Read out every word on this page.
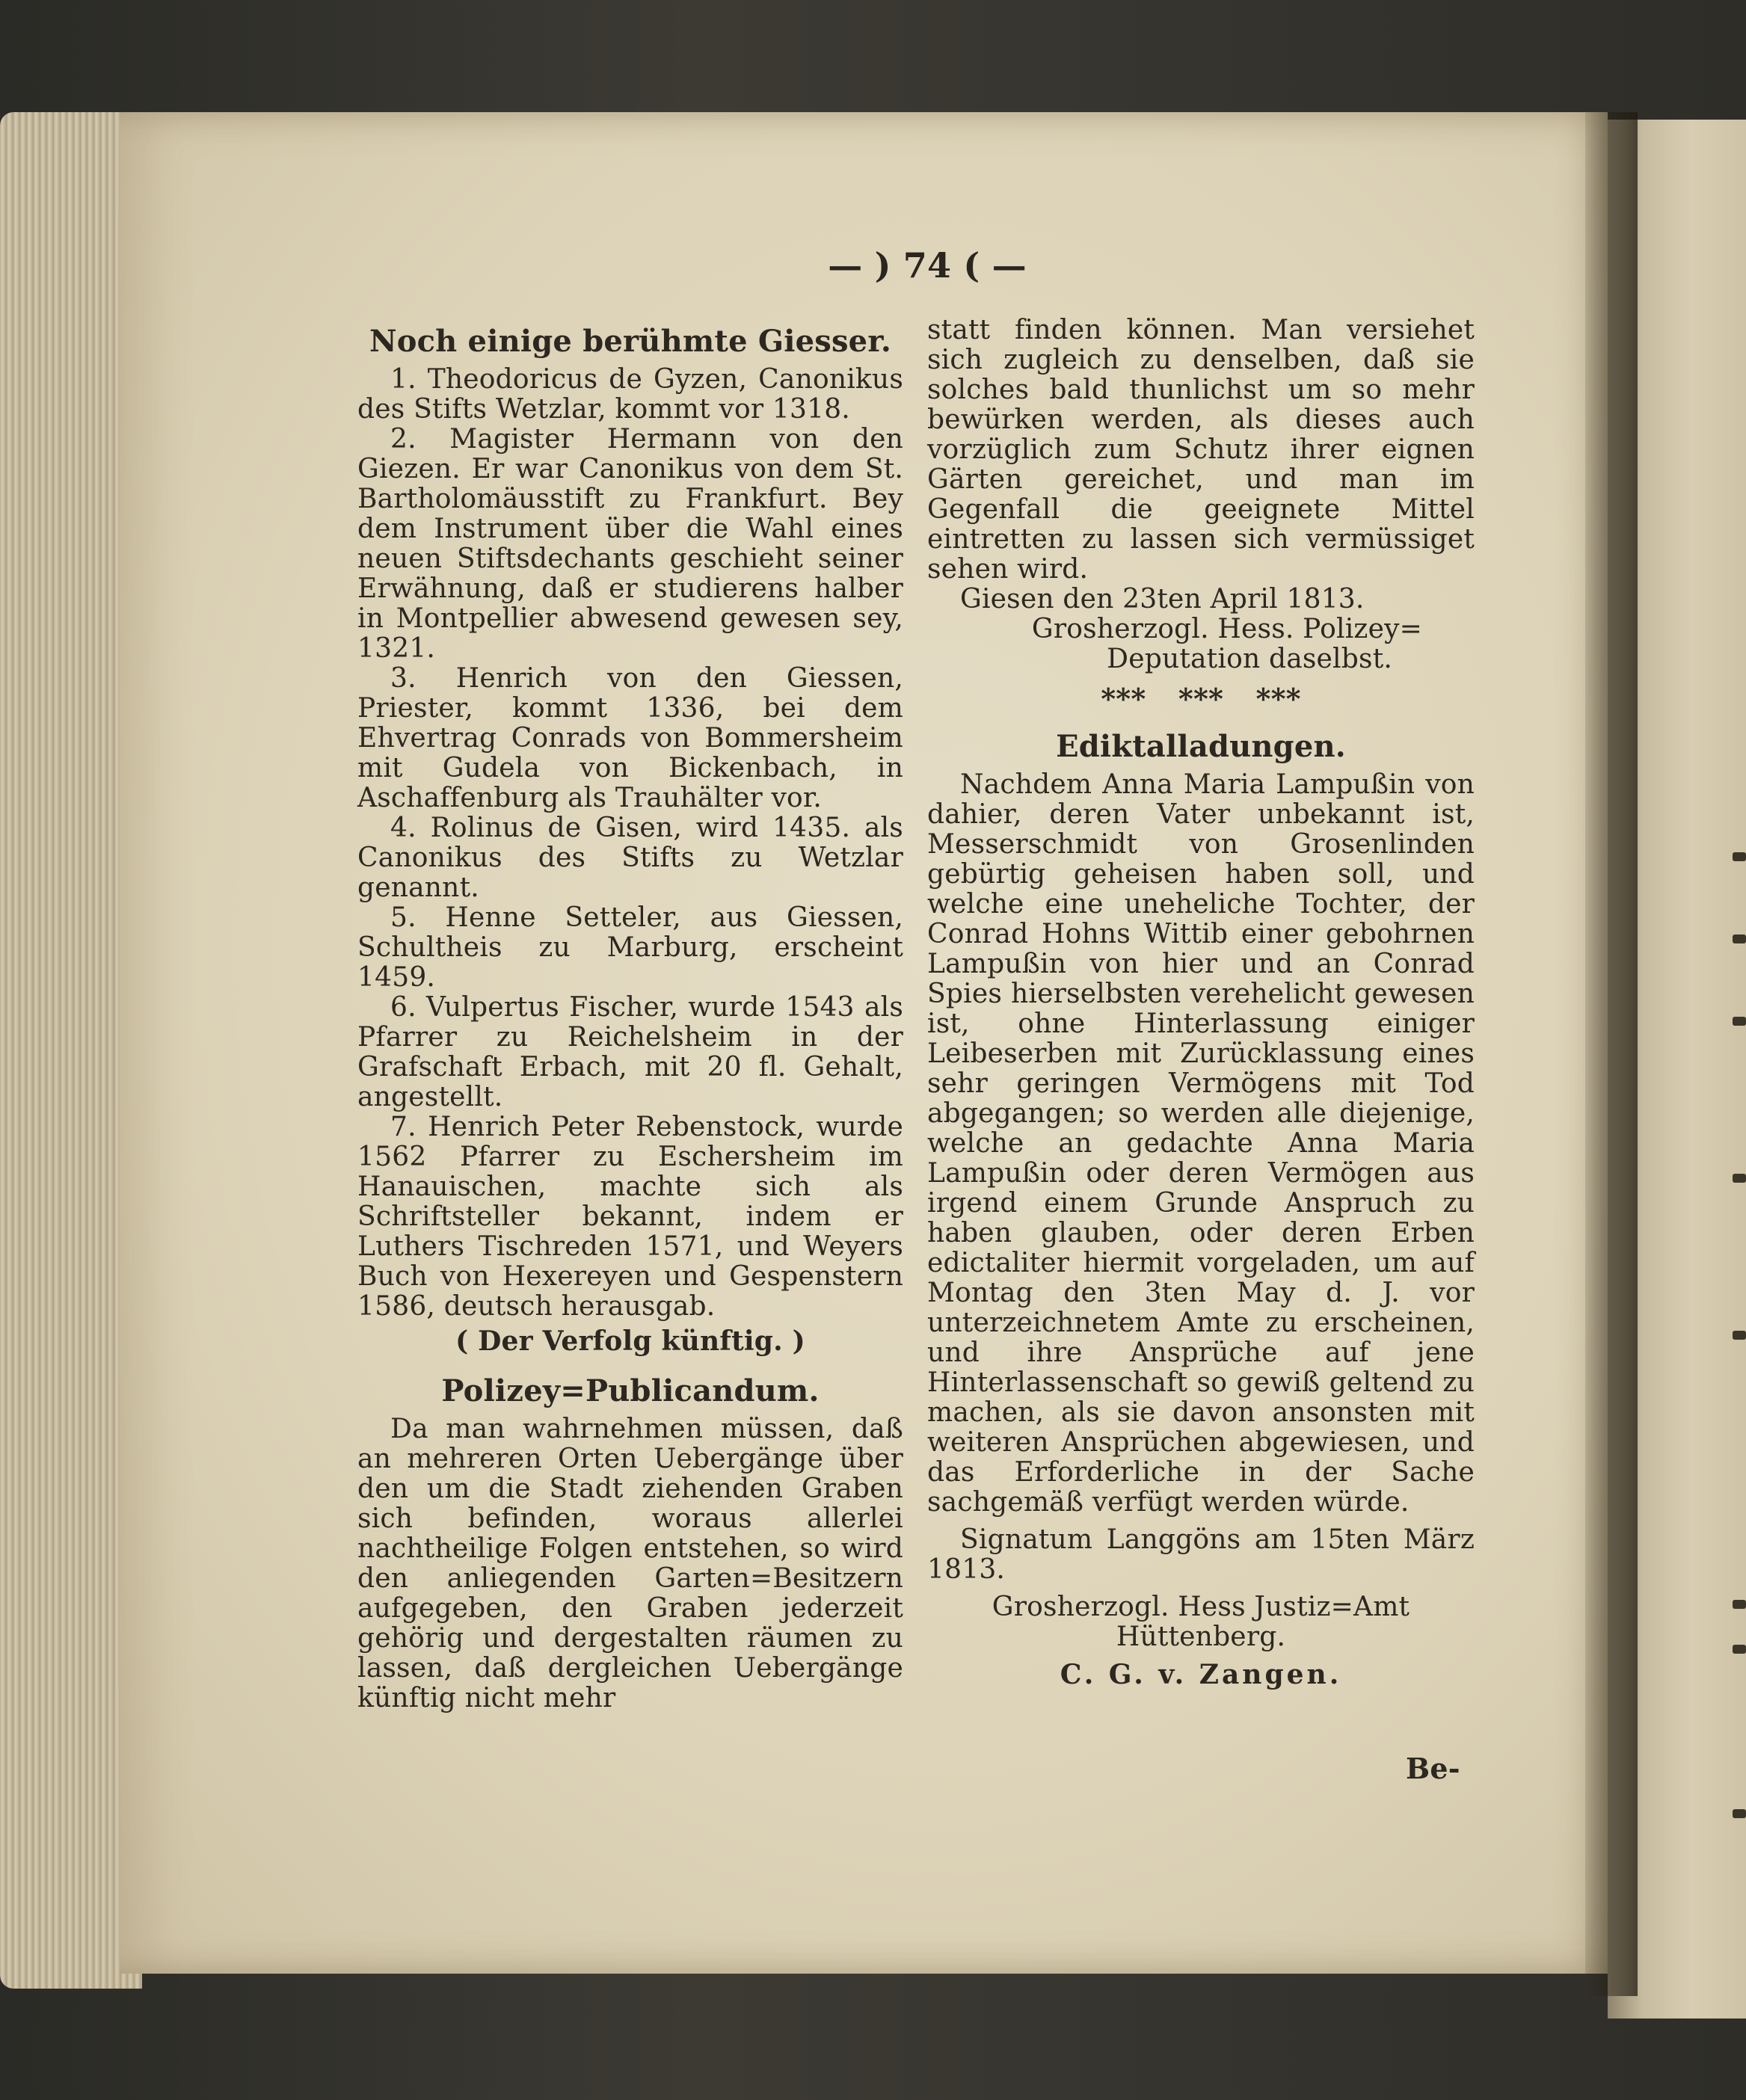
— ) 74 ( —

Noch einige berühmte Giesser.

1. Theodoricus de Gyzen, Canonikus des Stifts Wetzlar, kommt vor 1318.

2. Magister Hermann von den Giezen. Er war Canonikus von dem St. Bartholomäusstift zu Frankfurt. Bey dem Instrument über die Wahl eines neuen Stiftsdechants geschieht seiner Erwähnung, daß er studierens halber in Montpellier abwesend gewesen sey, 1321.

3. Henrich von den Giessen, Priester, kommt 1336, bei dem Ehvertrag Conrads von Bommersheim mit Gudela von Bickenbach, in Aschaffenburg als Trauhälter vor.

4. Rolinus de Gisen, wird 1435. als Canonikus des Stifts zu Wetzlar genannt.

5. Henne Setteler, aus Giessen, Schultheis zu Marburg, erscheint 1459.

6. Vulpertus Fischer, wurde 1543 als Pfarrer zu Reichelsheim in der Grafschaft Erbach, mit 20 fl. Gehalt, angestellt.

7. Henrich Peter Rebenstock, wurde 1562 Pfarrer zu Eschersheim im Hanauischen, machte sich als Schriftsteller bekannt, indem er Luthers Tischreden 1571, und Weyers Buch von Hexereyen und Gespenstern 1586, deutsch herausgab.

( Der Verfolg künftig. )

Polizey=Publicandum.

Da man wahrnehmen müssen, daß an mehreren Orten Uebergänge über den um die Stadt ziehenden Graben sich befinden, woraus allerlei nachtheilige Folgen entstehen, so wird den anliegenden Garten=Besitzern aufgegeben, den Graben jederzeit gehörig und dergestalten räumen zu lassen, daß dergleichen Uebergänge künftig nicht mehr

statt finden können. Man versiehet sich zugleich zu denselben, daß sie solches bald thunlichst um so mehr bewürken werden, als dieses auch vorzüglich zum Schutz ihrer eignen Gärten gereichet, und man im Gegenfall die geeignete Mittel eintretten zu lassen sich vermüssiget sehen wird.

Giesen den 23ten April 1813.

Grosherzogl. Hess. Polizey=

Deputation daselbst.

*** *** ***

Ediktalladungen.

Nachdem Anna Maria Lampußin von dahier, deren Vater unbekannt ist, Messerschmidt von Grosenlinden gebürtig geheisen haben soll, und welche eine uneheliche Tochter, der Conrad Hohns Wittib einer gebohrnen Lampußin von hier und an Conrad Spies hierselbsten verehelicht gewesen ist, ohne Hinterlassung einiger Leibeserben mit Zurücklassung eines sehr geringen Vermögens mit Tod abgegangen; so werden alle diejenige, welche an gedachte Anna Maria Lampußin oder deren Vermögen aus irgend einem Grunde Anspruch zu haben glauben, oder deren Erben edictaliter hiermit vorgeladen, um auf Montag den 3ten May d. J. vor unterzeichnetem Amte zu erscheinen, und ihre Ansprüche auf jene Hinterlassenschaft so gewiß geltend zu machen, als sie davon ansonsten mit weiteren Ansprüchen abgewiesen, und das Erforderliche in der Sache sachgemäß verfügt werden würde.

Signatum Langgöns am 15ten März 1813.

Grosherzogl. Hess Justiz=Amt

Hüttenberg.

C. G. v. Zangen.

Be-
